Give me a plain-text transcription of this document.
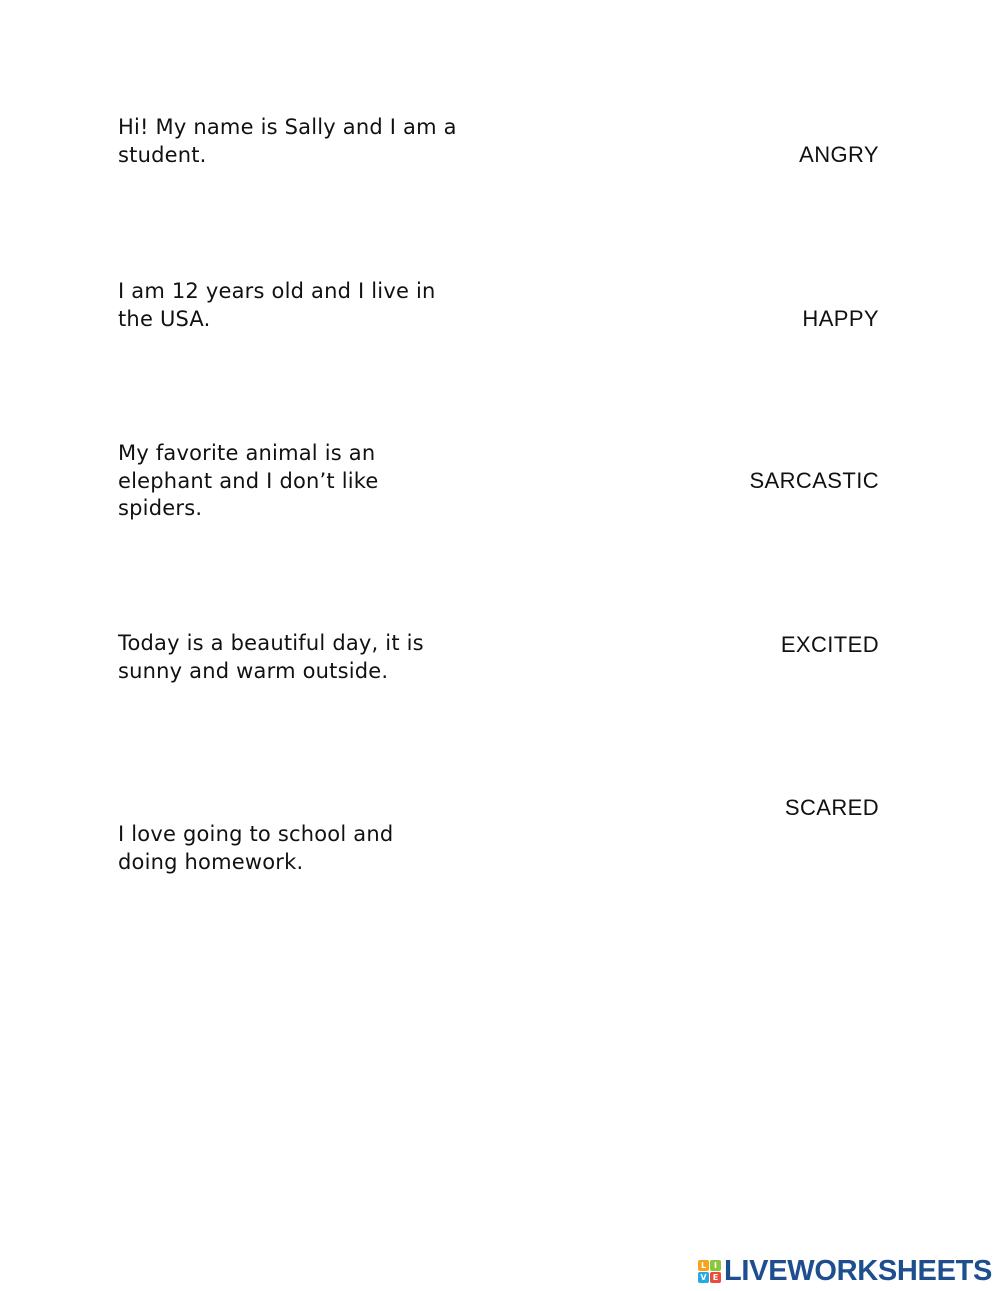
Hi! My name is Sally and I am a
student.
I am 12 years old and I live in
the USA.
My favorite animal is an
elephant and I don’t like
spiders.
Today is a beautiful day, it is
sunny and warm outside.
I love going to school and
doing homework.
ANGRY
HAPPY
SARCASTIC
EXCITED
SCARED
L I
V E LIVEWORKSHEETS
